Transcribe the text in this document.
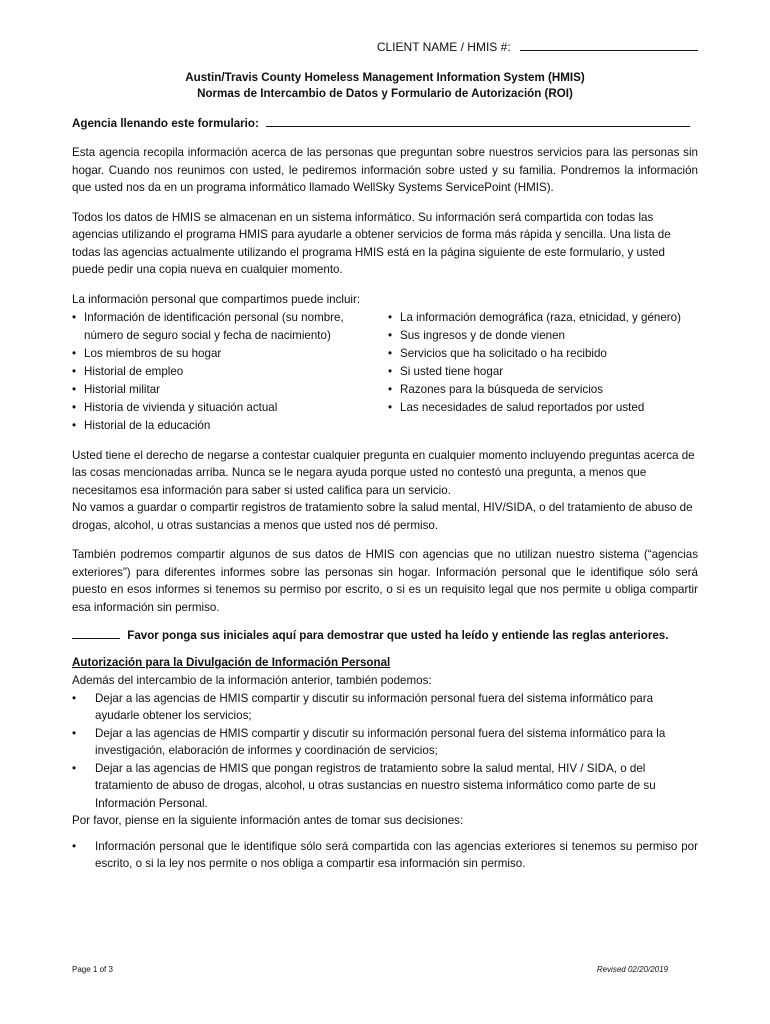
CLIENT NAME / HMIS #:
Austin/Travis County Homeless Management Information System (HMIS)
Normas de Intercambio de Datos y Formulario de Autorización (ROI)
Agencia llenando este formulario:

Esta agencia recopila información acerca de las personas que preguntan sobre nuestros servicios para las personas sin hogar. Cuando nos reunimos con usted, le pediremos información sobre usted y su familia. Pondremos la información que usted nos da en un programa informático llamado WellSky Systems ServicePoint (HMIS).

Todos los datos de HMIS se almacenan en un sistema informático. Su información será compartida con todas las agencias utilizando el programa HMIS para ayudarle a obtener servicios de forma más rápida y sencilla. Una lista de todas las agencias actualmente utilizando el programa HMIS está en la página siguiente de este formulario, y usted puede pedir una copia nueva en cualquier momento.

La información personal que compartimos puede incluir:
• Información de identificación personal (su nombre, número de seguro social y fecha de nacimiento)
• Los miembros de su hogar
• Historial de empleo
• Historial militar
• Historia de vivienda y situación actual
• Historial de la educación
• La información demográfica (raza, etnicidad, y género)
• Sus ingresos y de donde vienen
• Servicios que ha solicitado o ha recibido
• Si usted tiene hogar
• Razones para la búsqueda de servicios
• Las necesidades de salud reportados por usted
Usted tiene el derecho de negarse a contestar cualquier pregunta en cualquier momento incluyendo preguntas acerca de las cosas mencionadas arriba. Nunca se le negara ayuda porque usted no contestó una pregunta, a menos que necesitamos esa información para saber si usted califica para un servicio.
No vamos a guardar o compartir registros de tratamiento sobre la salud mental, HIV/SIDA, o del tratamiento de abuso de drogas, alcohol, u otras sustancias a menos que usted nos dé permiso.

También podremos compartir algunos de sus datos de HMIS con agencias que no utilizan nuestro sistema (“agencias exteriores”) para diferentes informes sobre las personas sin hogar. Información personal que le identifique sólo será puesto en esos informes si tenemos su permiso por escrito, o si es un requisito legal que nos permite u obliga compartir esa información sin permiso.

Favor ponga sus iniciales aquí para demostrar que usted ha leído y entiende las reglas anteriores.
Autorización para la Divulgación de Información Personal
Además del intercambio de la información anterior, también podemos:
•	Dejar a las agencias de HMIS compartir y discutir su información personal fuera del sistema informático para ayudarle obtener los servicios;
•	Dejar a las agencias de HMIS compartir y discutir su información personal fuera del sistema informático para la investigación, elaboración de informes y coordinación de servicios;
•	Dejar a las agencias de HMIS que pongan registros de tratamiento sobre la salud mental, HIV / SIDA, o del tratamiento de abuso de drogas, alcohol, u otras sustancias en nuestro sistema informático como parte de su Información Personal.
Por favor, piense en la siguiente información antes de tomar sus decisiones:
•	Información personal que le identifique sólo será compartida con las agencias exteriores si tenemos su permiso por escrito, o si la ley nos permite o nos obliga a compartir esa información sin permiso.
Page 1 of 3	Revised 02/20/2019
